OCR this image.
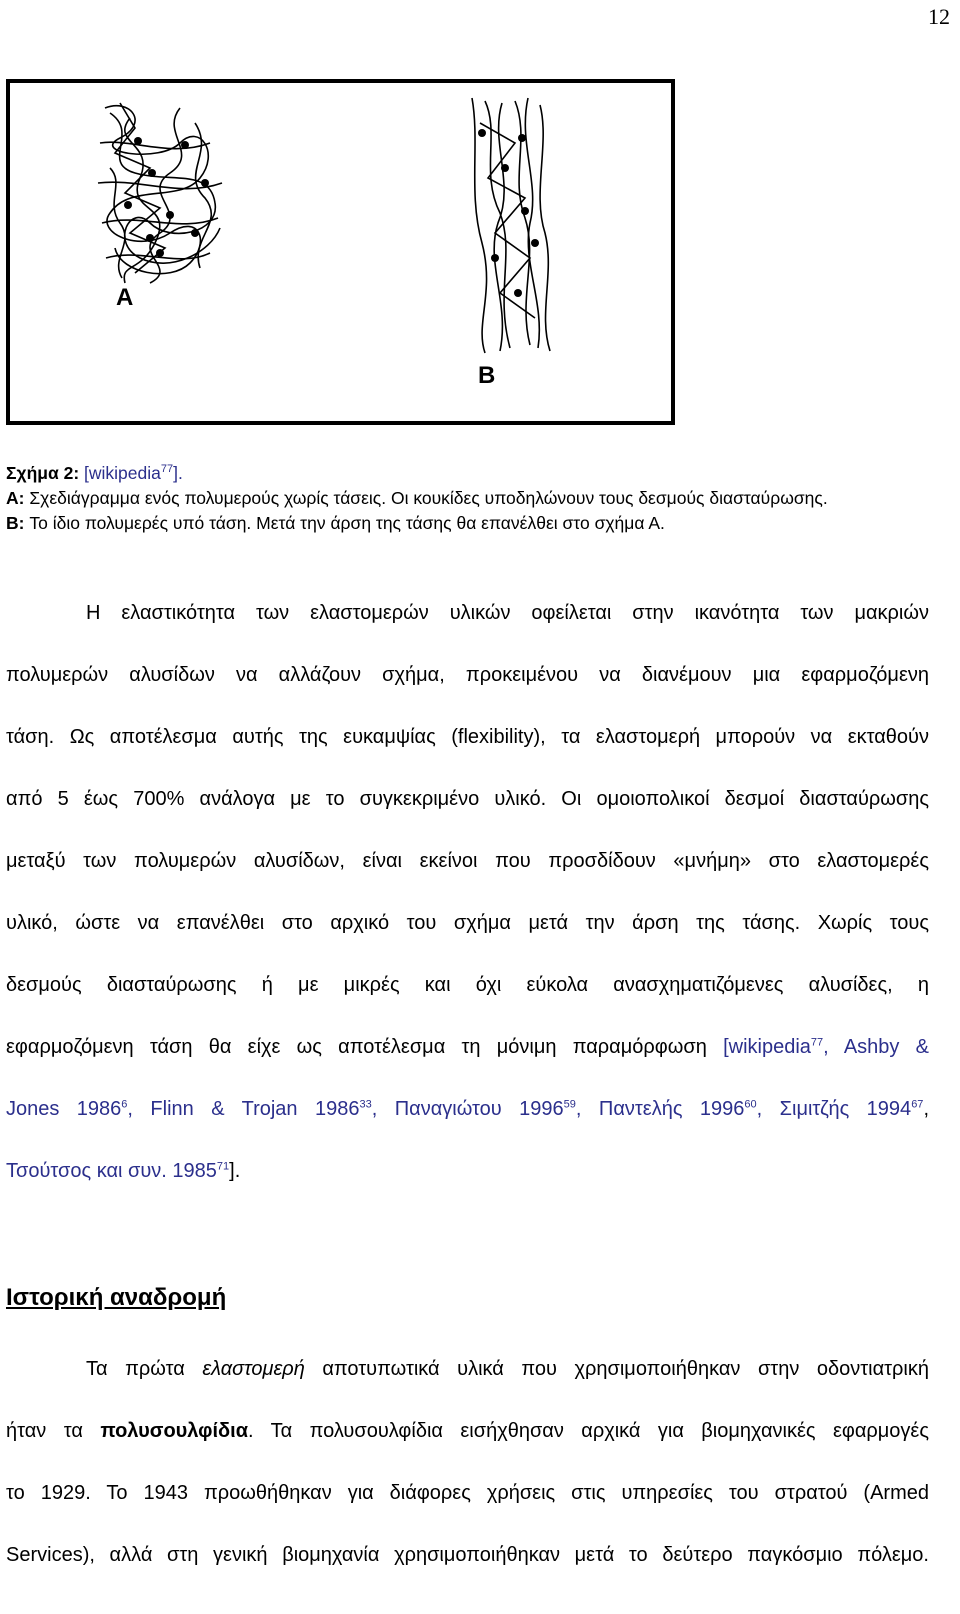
12
A
B
Σχήμα 2: [wikipedia$^{77}$].
A: Σχεδιάγραμμα ενός πολυμερούς χωρίς τάσεις. Οι κουκίδες υποδηλώνουν τους δεσμούς διασταύρωσης.
B: Το ίδιο πολυμερές υπό τάση. Μετά την άρση της τάσης θα επανέλθει στο σχήμα Α.
Η ελαστικότητα των ελαστομερών υλικών οφείλεται στην ικανότητα των μακριών
πολυμερών αλυσίδων να αλλάζουν σχήμα, προκειμένου να διανέμουν μια εφαρμοζόμενη
τάση. Ως αποτέλεσμα αυτής της ευκαμψίας (flexibility), τα ελαστομερή μπορούν να εκταθούν
από 5 έως 700% ανάλογα με το συγκεκριμένο υλικό. Οι ομοιοπολικοί δεσμοί διασταύρωσης
μεταξύ των πολυμερών αλυσίδων, είναι εκείνοι που προσδίδουν «μνήμη» στο ελαστομερές
υλικό, ώστε να επανέλθει στο αρχικό του σχήμα μετά την άρση της τάσης. Χωρίς τους
δεσμούς διασταύρωσης ή με μικρές και όχι εύκολα ανασχηματιζόμενες αλυσίδες, η
εφαρμοζόμενη τάση θα είχε ως αποτέλεσμα τη μόνιμη παραμόρφωση [wikipedia$^{77}$, Ashby &
Jones 1986$^6$, Flinn & Trojan 1986$^{33}$, Παναγιώτου 1996$^{59}$, Παντελής 1996$^{60}$, Σιμιτζής 1994$^{67}$,
Τσούτσος και συν. 1985$^{71}$].
Ιστορική αναδρομή
Τα πρώτα ελαστομερή αποτυπωτικά υλικά που χρησιμοποιήθηκαν στην οδοντιατρική
ήταν τα πολυσουλφίδια. Τα πολυσουλφίδια εισήχθησαν αρχικά για βιομηχανικές εφαρμογές
το 1929. Το 1943 προωθήθηκαν για διάφορες χρήσεις στις υπηρεσίες του στρατού (Armed
Services), αλλά στη γενική βιομηχανία χρησιμοποιήθηκαν μετά το δεύτερο παγκόσμιο πόλεμο.
